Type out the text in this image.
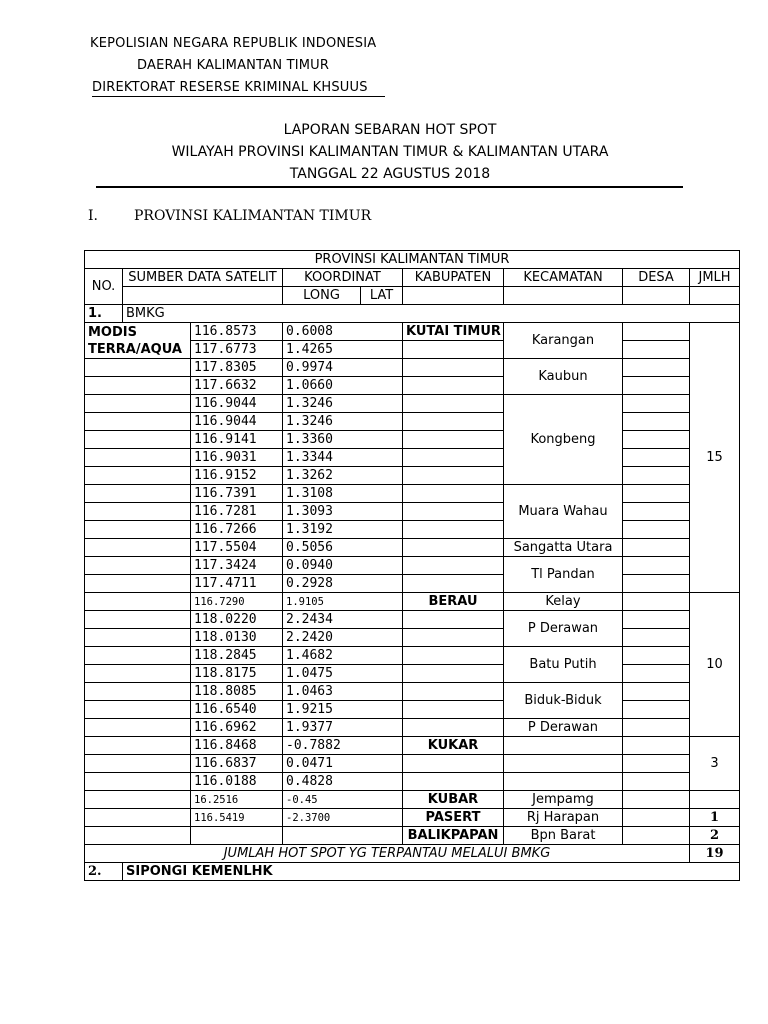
KEPOLISIAN NEGARA REPUBLIK INDONESIA
DAERAH KALIMANTAN TIMUR
DIREKTORAT RESERSE KRIMINAL KHSUUS
LAPORAN SEBARAN HOT SPOT
WILAYAH PROVINSI KALIMANTAN TIMUR & KALIMANTAN UTARA
TANGGAL 22 AGUSTUS 2018
I.	PROVINSI KALIMANTAN TIMUR
PROVINSI KALIMANTAN TIMUR								
NO.	SUMBER DATA SATELIT		KOORDINAT		KABUPATEN	KECAMATAN	DESA	JMLH
			LONG	LAT				
1.	BMKG							
MODIS TERRA/AQUA		116.8573	0.6008		KUTAI TIMUR	Karangan		15
		117.6773	1.4265					
		117.8305	0.9974			Kaubun		
		117.6632	1.0660					
		116.9044	1.3246			Kongbeng		
		116.9044	1.3246					
		116.9141	1.3360					
		116.9031	1.3344					
		116.9152	1.3262					
		116.7391	1.3108			Muara Wahau		
		116.7281	1.3093					
		116.7266	1.3192					
		117.5504	0.5056			Sangatta Utara		
		117.3424	0.0940			Tl Pandan		
		117.4711	0.2928					
		116.7290	1.9105		BERAU	Kelay		10
		118.0220	2.2434			P Derawan		
		118.0130	2.2420					
		118.2845	1.4682			Batu Putih		
		118.8175	1.0475					
		118.8085	1.0463			Biduk-Biduk		
		116.6540	1.9215					
		116.6962	1.9377			P Derawan		
		116.8468	-0.7882		KUKAR			3
		116.6837	0.0471					
		116.0188	0.4828					
		16.2516	-0.45		KUBAR	Jempamg		
		116.5419	-2.3700		PASERT	Rj Harapan		1
					BALIKPAPAN	Bpn Barat		2
JUMLAH HOT SPOT YG TERPANTAU MELALUI BMKG								19
2.	SIPONGI KEMENLHK							
